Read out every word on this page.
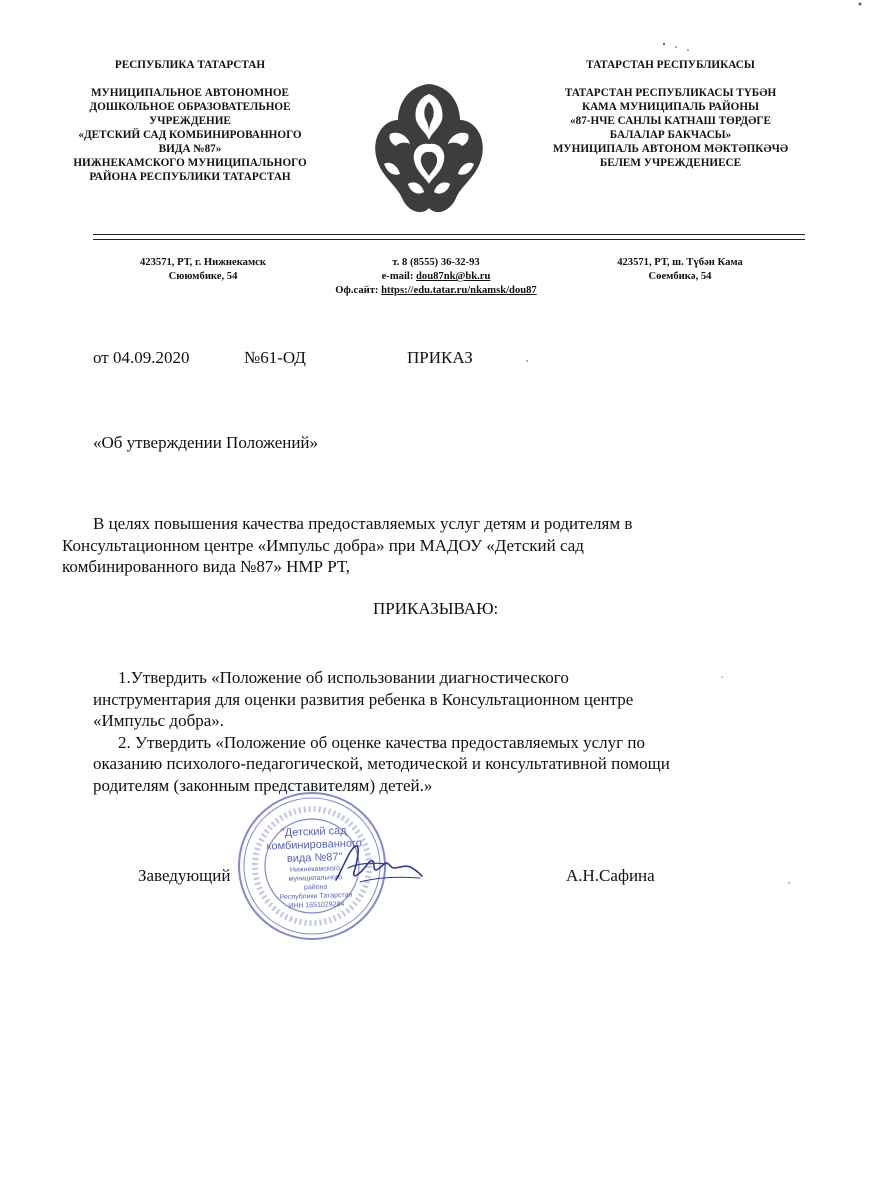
РЕСПУБЛИКА ТАТАРСТАН
МУНИЦИПАЛЬНОЕ АВТОНОМНОЕ
ДОШКОЛЬНОЕ ОБРАЗОВАТЕЛЬНОЕ
УЧРЕЖДЕНИЕ
«ДЕТСКИЙ САД КОМБИНИРОВАННОГО
ВИДА №87»
НИЖНЕКАМСКОГО МУНИЦИПАЛЬНОГО
РАЙОНА РЕСПУБЛИКИ ТАТАРСТАН
ТАТАРСТАН РЕСПУБЛИКАСЫ
ТАТАРСТАН РЕСПУБЛИКАСЫ ТҮБӘН
КАМА МУНИЦИПАЛЬ РАЙОНЫ
«87-НЧЕ САНЛЫ КАТНАШ ТӨРДӘГЕ
БАЛАЛАР БАКЧАСЫ»
МУНИЦИПАЛЬ АВТОНОМ МӘКТӘПКӘЧӘ
БЕЛЕМ УЧРЕЖДЕНИЕСЕ
423571, РТ, г. Нижнекамск
Сююмбике, 54
т. 8 (8555) 36-32-93
e-mail: dou87nk@bk.ru
Оф.сайт: https://edu.tatar.ru/nkamsk/dou87
423571, РТ, ш. Түбән Кама
Сөембикә, 54
от 04.09.2020	№61-ОД	ПРИКАЗ
«Об утверждении Положений»
В целях повышения качества предоставляемых услуг детям и родителям в
Консультационном центре «Импульс добра» при МАДОУ «Детский сад
комбинированного вида №87» НМР РТ,
ПРИКАЗЫВАЮ:
1.Утвердить «Положение об использовании диагностического
инструментария для оценки развития ребенка в Консультационном центре
«Импульс добра».
2. Утвердить «Положение об оценке качества предоставляемых услуг по
оказанию психолого-педагогической, методической и консультативной помощи
родителям (законным представителям) детей.»
"Детский сад
комбинированного
вида №87"
Нижнекамского муниципального
района
Республики Татарстан
ИНН 1651029284
Заведующий	А.Н.Сафина
